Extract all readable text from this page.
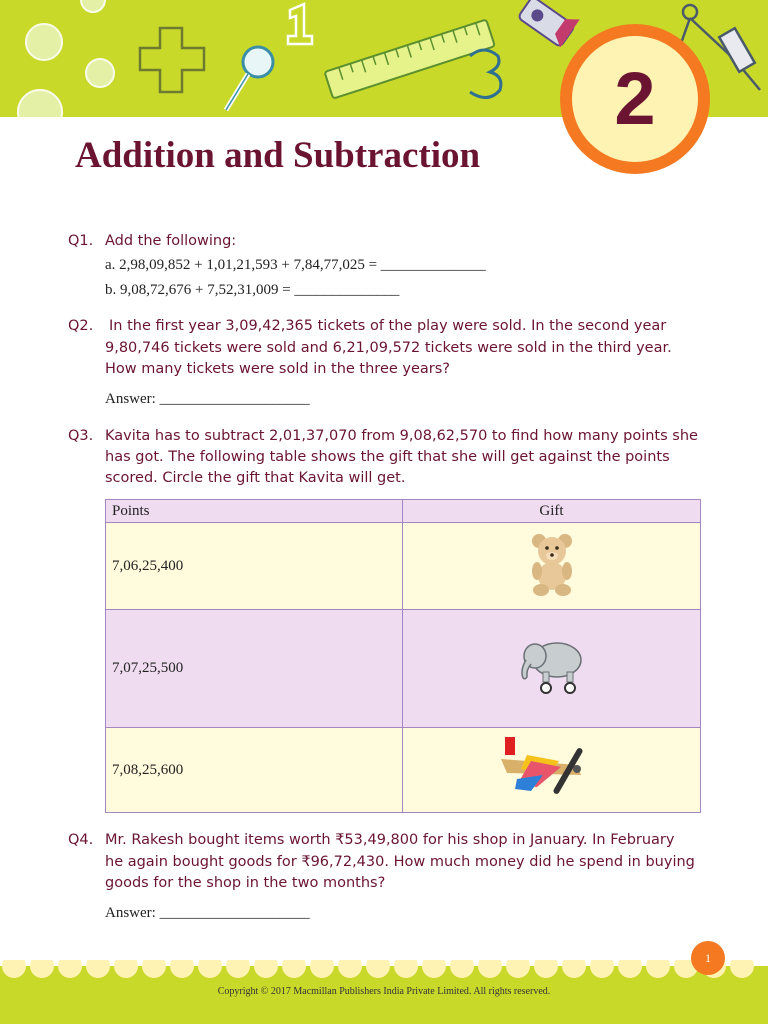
2
Addition and Subtraction
Q1. Add the following:
a. 2,98,09,852 + 1,01,21,593 + 7,84,77,025 = ______________
b. 9,08,72,676 + 7,52,31,009 = ______________
Q2. In the first year 3,09,42,365 tickets of the play were sold. In the second year
9,80,746 tickets were sold and 6,21,09,572 tickets were sold in the third year.
How many tickets were sold in the three years?
Answer: ____________________
Q3. Kavita has to subtract 2,01,37,070 from 9,08,62,570 to find how many points she
has got. The following table shows the gift that she will get against the points
scored. Circle the gift that Kavita will get.
Points	Gift
7,06,25,400	
7,07,25,500	
7,08,25,600	
Q4. Mr. Rakesh bought items worth ₹53,49,800 for his shop in January. In February
he again bought goods for ₹96,72,430. How much money did he spend in buying
goods for the shop in the two months?
Answer: ____________________
1
Copyright © 2017 Macmillan Publishers India Private Limited. All rights reserved.
